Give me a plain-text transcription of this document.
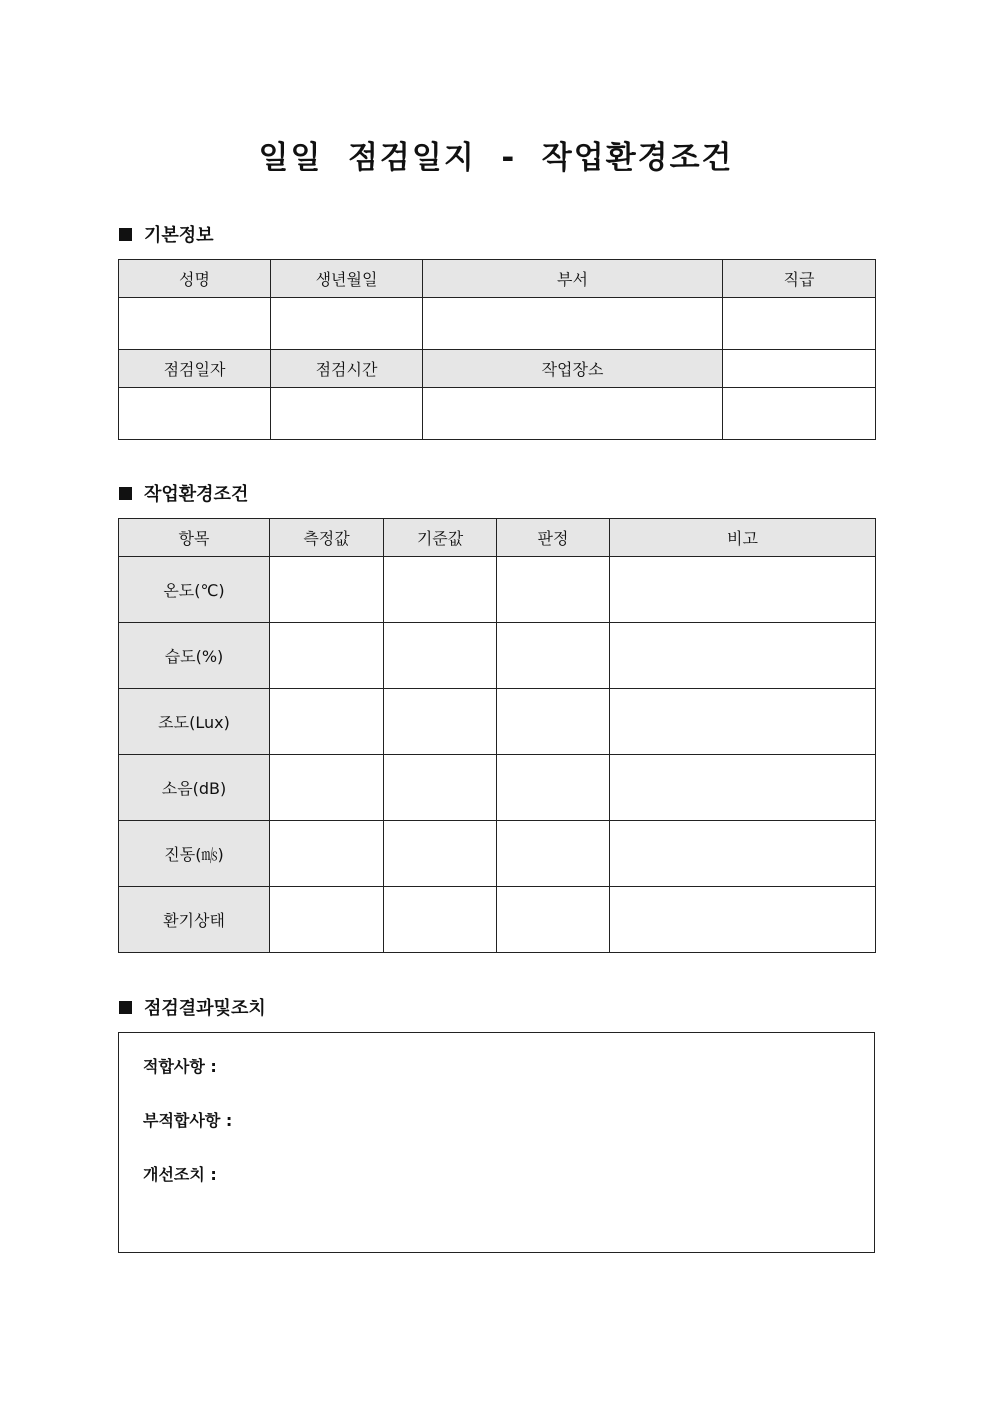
일일  점검일지  -  작업환경조건
기본정보
성명	생년월일	부서	직급

점검일자	점검시간	작업장소	

작업환경조건
항목	측정값	기준값	판정	비고
온도(℃)				
습도(%)				
조도(Lux)				
소음(dB)				
진동(㎧)				
환기상태				
점검결과및조치
적합사항 :
부적합사항 :
개선조치 :
